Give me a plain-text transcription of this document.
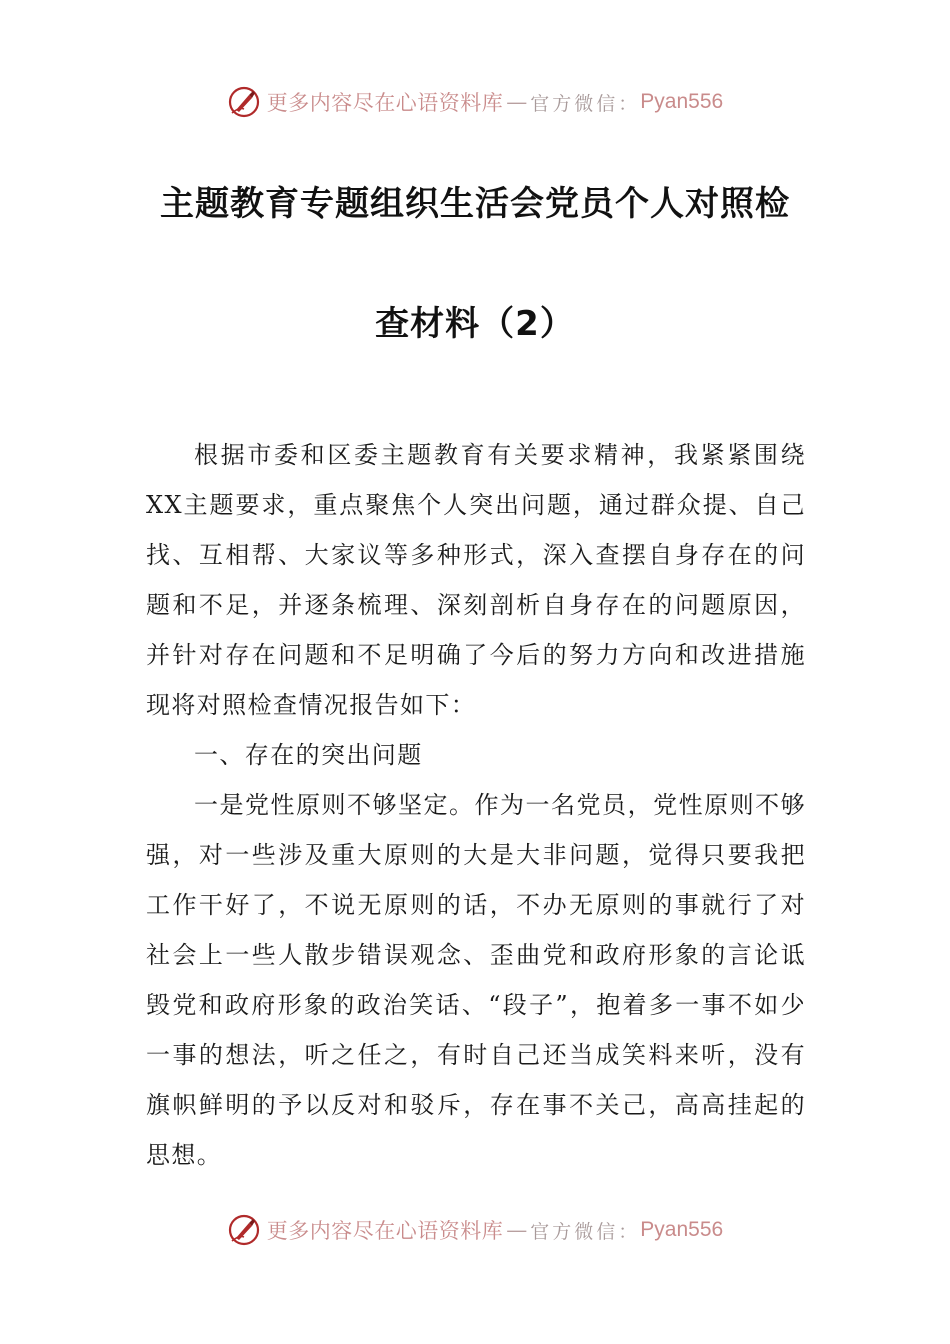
更多内容尽在心语资料库 — 官方微信： Pyan556
主题教育专题组织生活会党员个人对照检
查材料（2）

根据市委和区委主题教育有关要求精神，我紧紧围绕XX主题要求，重点聚焦个人突出问题，通过群众提、自己找、互相帮、大家议等多种形式，深入查摆自身存在的问题和不足，并逐条梳理、深刻剖析自身存在的问题原因，并针对存在问题和不足明确了今后的努力方向和改进措施现将对照检查情况报告如下：

一、存在的突出问题

一是党性原则不够坚定。作为一名党员，党性原则不够强，对一些涉及重大原则的大是大非问题，觉得只要我把工作干好了，不说无原则的话，不办无原则的事就行了对社会上一些人散步错误观念、歪曲党和政府形象的言论诋毁党和政府形象的政治笑话、“段子”，抱着多一事不如少一事的想法，听之任之，有时自己还当成笑料来听，没有旗帜鲜明的予以反对和驳斥，存在事不关己，高高挂起的思想。

更多内容尽在心语资料库 — 官方微信： Pyan556
